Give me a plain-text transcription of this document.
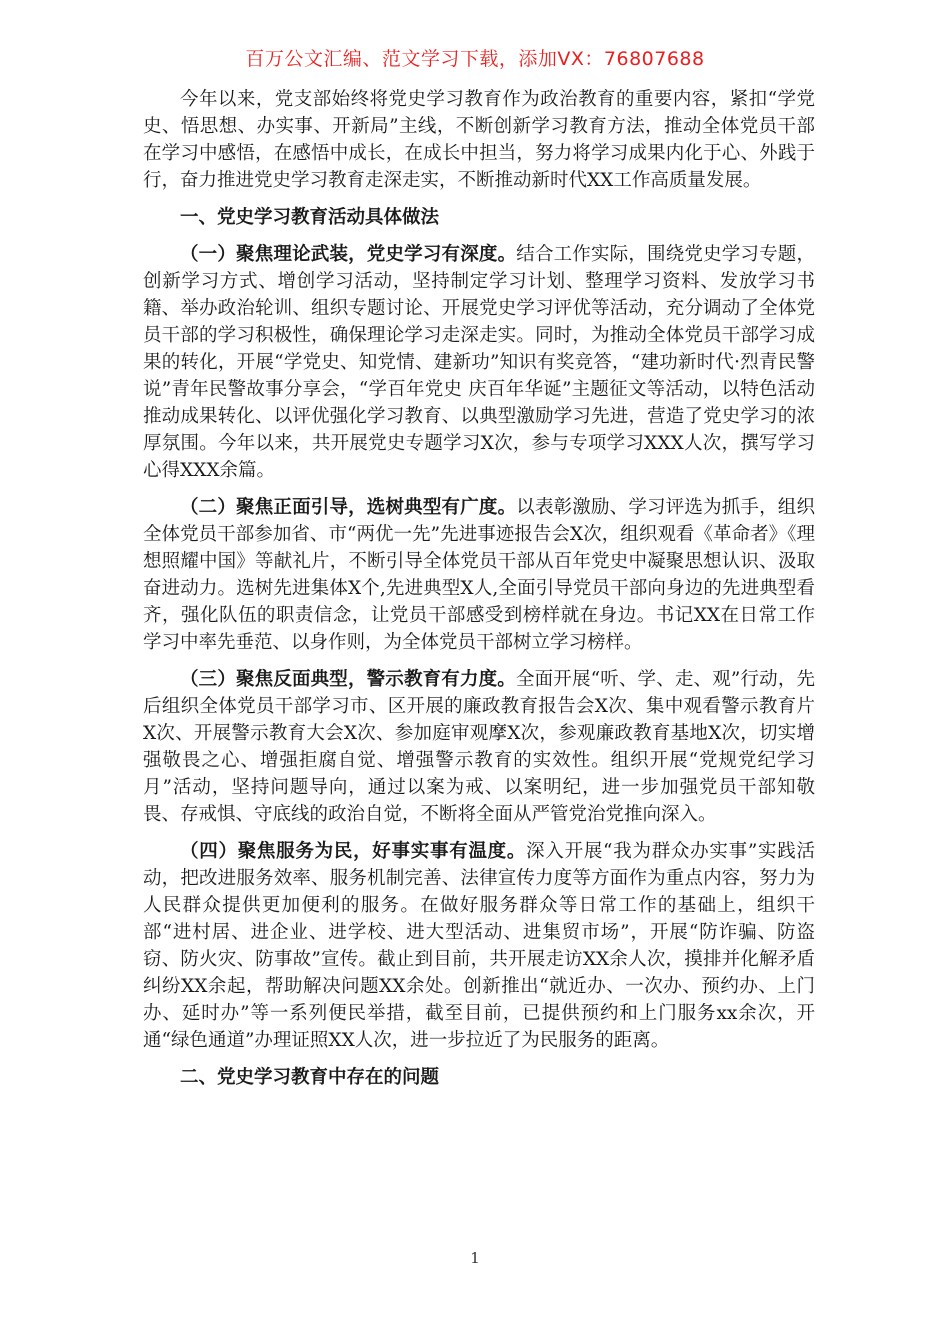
百万公文汇编、范文学习下载，添加VX：76807688

今年以来，党支部始终将党史学习教育作为政治教育的重要内容，紧扣“学党史、悟思想、办实事、开新局”主线，不断创新学习教育方法，推动全体党员干部在学习中感悟，在感悟中成长，在成长中担当，努力将学习成果内化于心、外践于行，奋力推进党史学习教育走深走实，不断推动新时代XX工作高质量发展。

一、党史学习教育活动具体做法

（一）聚焦理论武装，党史学习有深度。结合工作实际，围绕党史学习专题，创新学习方式、增创学习活动，坚持制定学习计划、整理学习资料、发放学习书籍、举办政治轮训、组织专题讨论、开展党史学习评优等活动，充分调动了全体党员干部的学习积极性，确保理论学习走深走实。同时，为推动全体党员干部学习成果的转化，开展“学党史、知党情、建新功”知识有奖竞答，“建功新时代·烈青民警说”青年民警故事分享会，“学百年党史 庆百年华诞”主题征文等活动，以特色活动推动成果转化、以评优强化学习教育、以典型激励学习先进，营造了党史学习的浓厚氛围。今年以来，共开展党史专题学习X次，参与专项学习XXX人次，撰写学习心得XXX余篇。

（二）聚焦正面引导，选树典型有广度。以表彰激励、学习评选为抓手，组织全体党员干部参加省、市“两优一先”先进事迹报告会X次，组织观看《革命者》《理想照耀中国》等献礼片，不断引导全体党员干部从百年党史中凝聚思想认识、汲取奋进动力。选树先进集体X个,先进典型X人,全面引导党员干部向身边的先进典型看齐，强化队伍的职责信念，让党员干部感受到榜样就在身边。书记XX在日常工作学习中率先垂范、以身作则，为全体党员干部树立学习榜样。

（三）聚焦反面典型，警示教育有力度。全面开展“听、学、走、观”行动，先后组织全体党员干部学习市、区开展的廉政教育报告会X次、集中观看警示教育片X次、开展警示教育大会X次、参加庭审观摩X次，参观廉政教育基地X次，切实增强敬畏之心、增强拒腐自觉、增强警示教育的实效性。组织开展“党规党纪学习月”活动，坚持问题导向，通过以案为戒、以案明纪，进一步加强党员干部知敬畏、存戒惧、守底线的政治自觉，不断将全面从严管党治党推向深入。

（四）聚焦服务为民，好事实事有温度。深入开展“我为群众办实事”实践活动，把改进服务效率、服务机制完善、法律宣传力度等方面作为重点内容，努力为人民群众提供更加便利的服务。在做好服务群众等日常工作的基础上，组织干部“进村居、进企业、进学校、进大型活动、进集贸市场”，开展“防诈骗、防盗窃、防火灾、防事故”宣传。截止到目前，共开展走访XX余人次，摸排并化解矛盾纠纷XX余起，帮助解决问题XX余处。创新推出“就近办、一次办、预约办、上门办、延时办”等一系列便民举措，截至目前，已提供预约和上门服务xx余次，开通“绿色通道”办理证照XX人次，进一步拉近了为民服务的距离。

二、党史学习教育中存在的问题
1
